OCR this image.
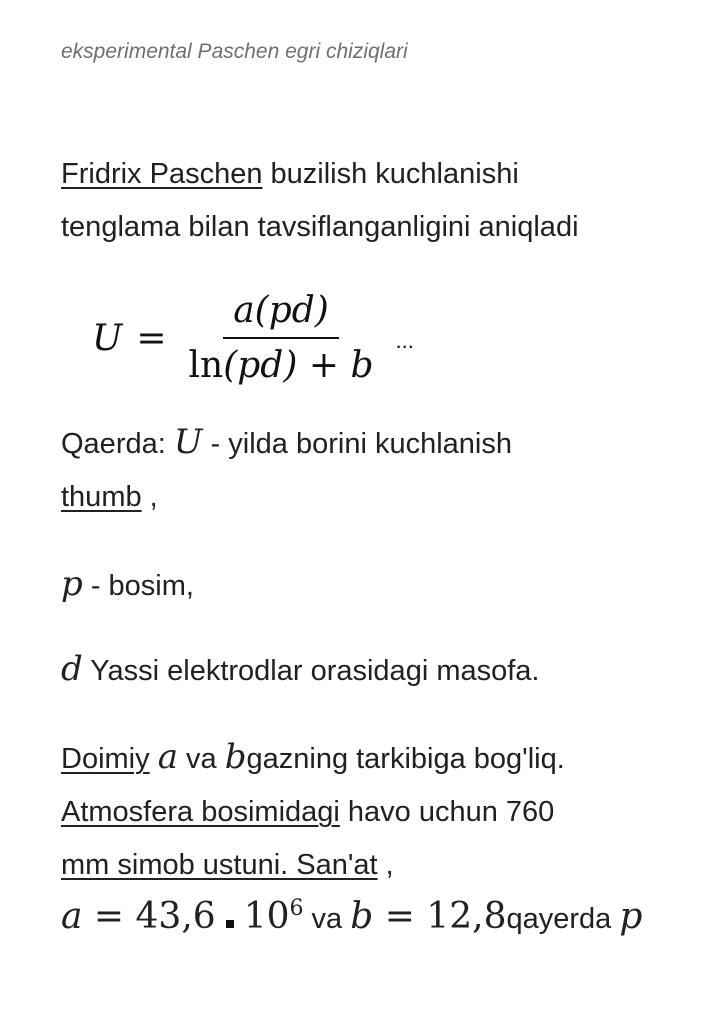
eksperimental Paschen egri chiziqlari
Fridrix Paschen buzilish kuchlanishi
tenglama bilan tavsiflanganligini aniqladi
$U = \frac{a(pd)}{\ln(pd) + b}$ ...
Qaerda: U - yilda borini kuchlanish
thumb ,
p - bosim,
d Yassi elektrodlar orasidagi masofa.
Doimiy a va bgazning tarkibiga bog'liq.
Atmosfera bosimidagi havo uchun 760
mm simob ustuni. San'at ,
a = 43,6 $10^6$ va b = 12,8 qayerda p
